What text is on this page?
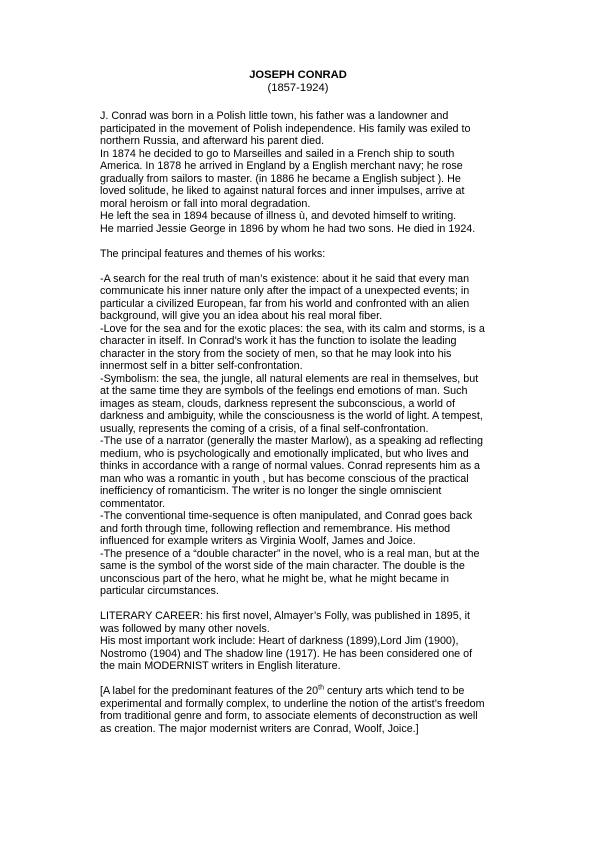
JOSEPH CONRAD
(1857-1924)
J. Conrad was born in a Polish little town, his father was a landowner and
participated in the movement of Polish independence. His family was exiled to
northern Russia, and afterward his parent died.
In 1874 he decided to go to Marseilles and sailed in a French ship to south
America. In 1878 he arrived in England by a English merchant navy; he rose
gradually from sailors to master. (in 1886 he became a English subject ). He
loved solitude, he liked to against natural forces and inner impulses, arrive at
moral heroism or fall into moral degradation.
He left the sea in 1894 because of illness ù, and devoted himself to writing.
He married Jessie George in 1896 by whom he had two sons. He died in 1924.
The principal features and themes of his works:
-A search for the real truth of man’s existence: about it he said that every man
communicate his inner nature only after the impact of a unexpected events; in
particular a civilized European, far from his world and confronted with an alien
background, will give you an idea about his real moral fiber.
-Love for the sea and for the exotic places: the sea, with its calm and storms, is a
character in itself. In Conrad’s work it has the function to isolate the leading
character in the story from the society of men, so that he may look into his
innermost self in a bitter self-confrontation.
-Symbolism: the sea, the jungle, all natural elements are real in themselves, but
at the same time they are symbols of the feelings end emotions of man. Such
images as steam, clouds, darkness represent the subconscious, a world of
darkness and ambiguity, while the consciousness is the world of light. A tempest,
usually, represents the coming of a crisis, of a final self-confrontation.
-The use of a narrator (generally the master Marlow), as a speaking ad reflecting
medium, who is psychologically and emotionally implicated, but who lives and
thinks in accordance with a range of normal values. Conrad represents him as a
man who was a romantic in youth , but has become conscious of the practical
inefficiency of romanticism. The writer is no longer the single omniscient
commentator.
-The conventional time-sequence is often manipulated, and Conrad goes back
and forth through time, following reflection and remembrance. His method
influenced for example writers as Virginia Woolf, James and Joice.
-The presence of a “double character” in the novel, who is a real man, but at the
same is the symbol of the worst side of the main character. The double is the
unconscious part of the hero, what he might be, what he might became in
particular circumstances.
LITERARY CAREER: his first novel, Almayer’s Folly, was published in 1895, it
was followed by many other novels.
His most important work include: Heart of darkness (1899),Lord Jim (1900),
Nostromo (1904) and The shadow line (1917). He has been considered one of
the main MODERNIST writers in English literature.
[A label for the predominant features of the 20th century arts which tend to be
experimental and formally complex, to underline the notion of the artist’s freedom
from traditional genre and form, to associate elements of deconstruction as well
as creation. The major modernist writers are Conrad, Woolf, Joice.]
